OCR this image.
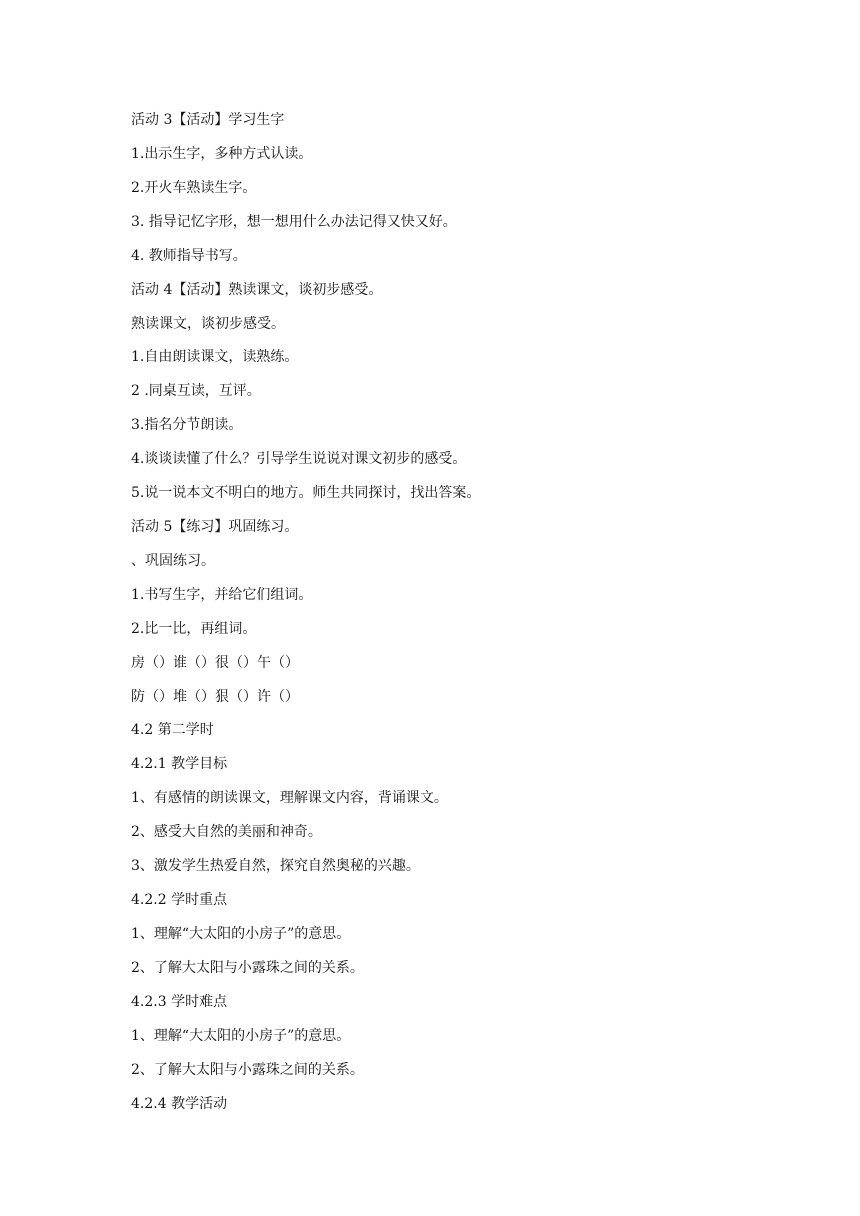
活动 3【活动】学习生字
1.出示生字，多种方式认读。
2.开火车熟读生字。
3. 指导记忆字形，想一想用什么办法记得又快又好。
4. 教师指导书写。
活动 4【活动】熟读课文，谈初步感受。
熟读课文，谈初步感受。
1.自由朗读课文，读熟练。
2 .同桌互读，互评。
3.指名分节朗读。
4.谈谈读懂了什么？引导学生说说对课文初步的感受。
5.说一说本文不明白的地方。师生共同探讨，找出答案。
活动 5【练习】巩固练习。
、巩固练习。
1.书写生字，并给它们组词。
2.比一比，再组词。
房（）谁（）很（）午（）
防（）堆（）狠（）许（）
4.2 第二学时
4.2.1 教学目标
1、有感情的朗读课文，理解课文内容，背诵课文。
2、感受大自然的美丽和神奇。
3、激发学生热爱自然，探究自然奥秘的兴趣。
4.2.2 学时重点
1、理解“大太阳的小房子”的意思。
2、了解大太阳与小露珠之间的关系。
4.2.3 学时难点
1、理解“大太阳的小房子”的意思。
2、了解大太阳与小露珠之间的关系。
4.2.4 教学活动
